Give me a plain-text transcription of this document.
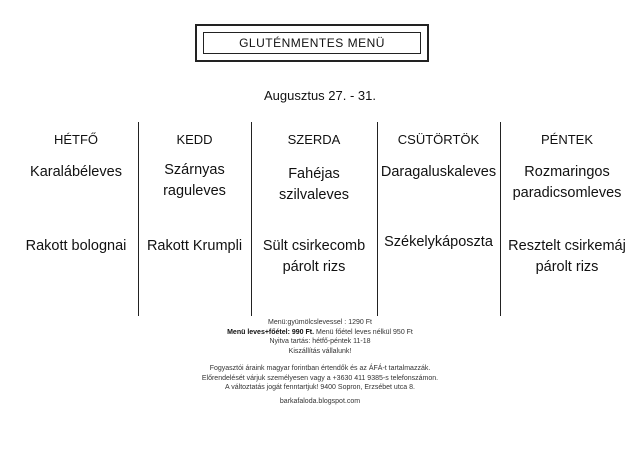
GLUTÉNMENTES MENÜ
Augusztus 27. - 31.
HÉTFŐ
Karalábéleves
Rakott bolognai
KEDD
Szárnyas
raguleves
Rakott Krumpli
SZERDA
Fahéjas
szilvaleves
Sült csirkecomb
párolt rizs
CSÜTÖRTÖK
Daragaluskaleves
Székelykáposzta
PÉNTEK
Rozmaringos
paradicsomleves
Resztelt csirkemáj
párolt rizs
Menü:gyümölcslevessel : 1290 Ft
Menü leves+főétel: 990 Ft. Menü főétel leves nélkül 950 Ft
Nyitva tartás: hétfő-péntek 11-18
Kiszállítás vállalunk!
Fogyasztói áraink magyar forintban értendők és az ÁFÁ-t tartalmazzák.
Előrendelését várjuk személyesen vagy a +3630 411 9385-s telefonszámon.
A változtatás jogát fenntartjuk! 9400 Sopron, Erzsébet utca 8.
barkafaloda.blogspot.com
